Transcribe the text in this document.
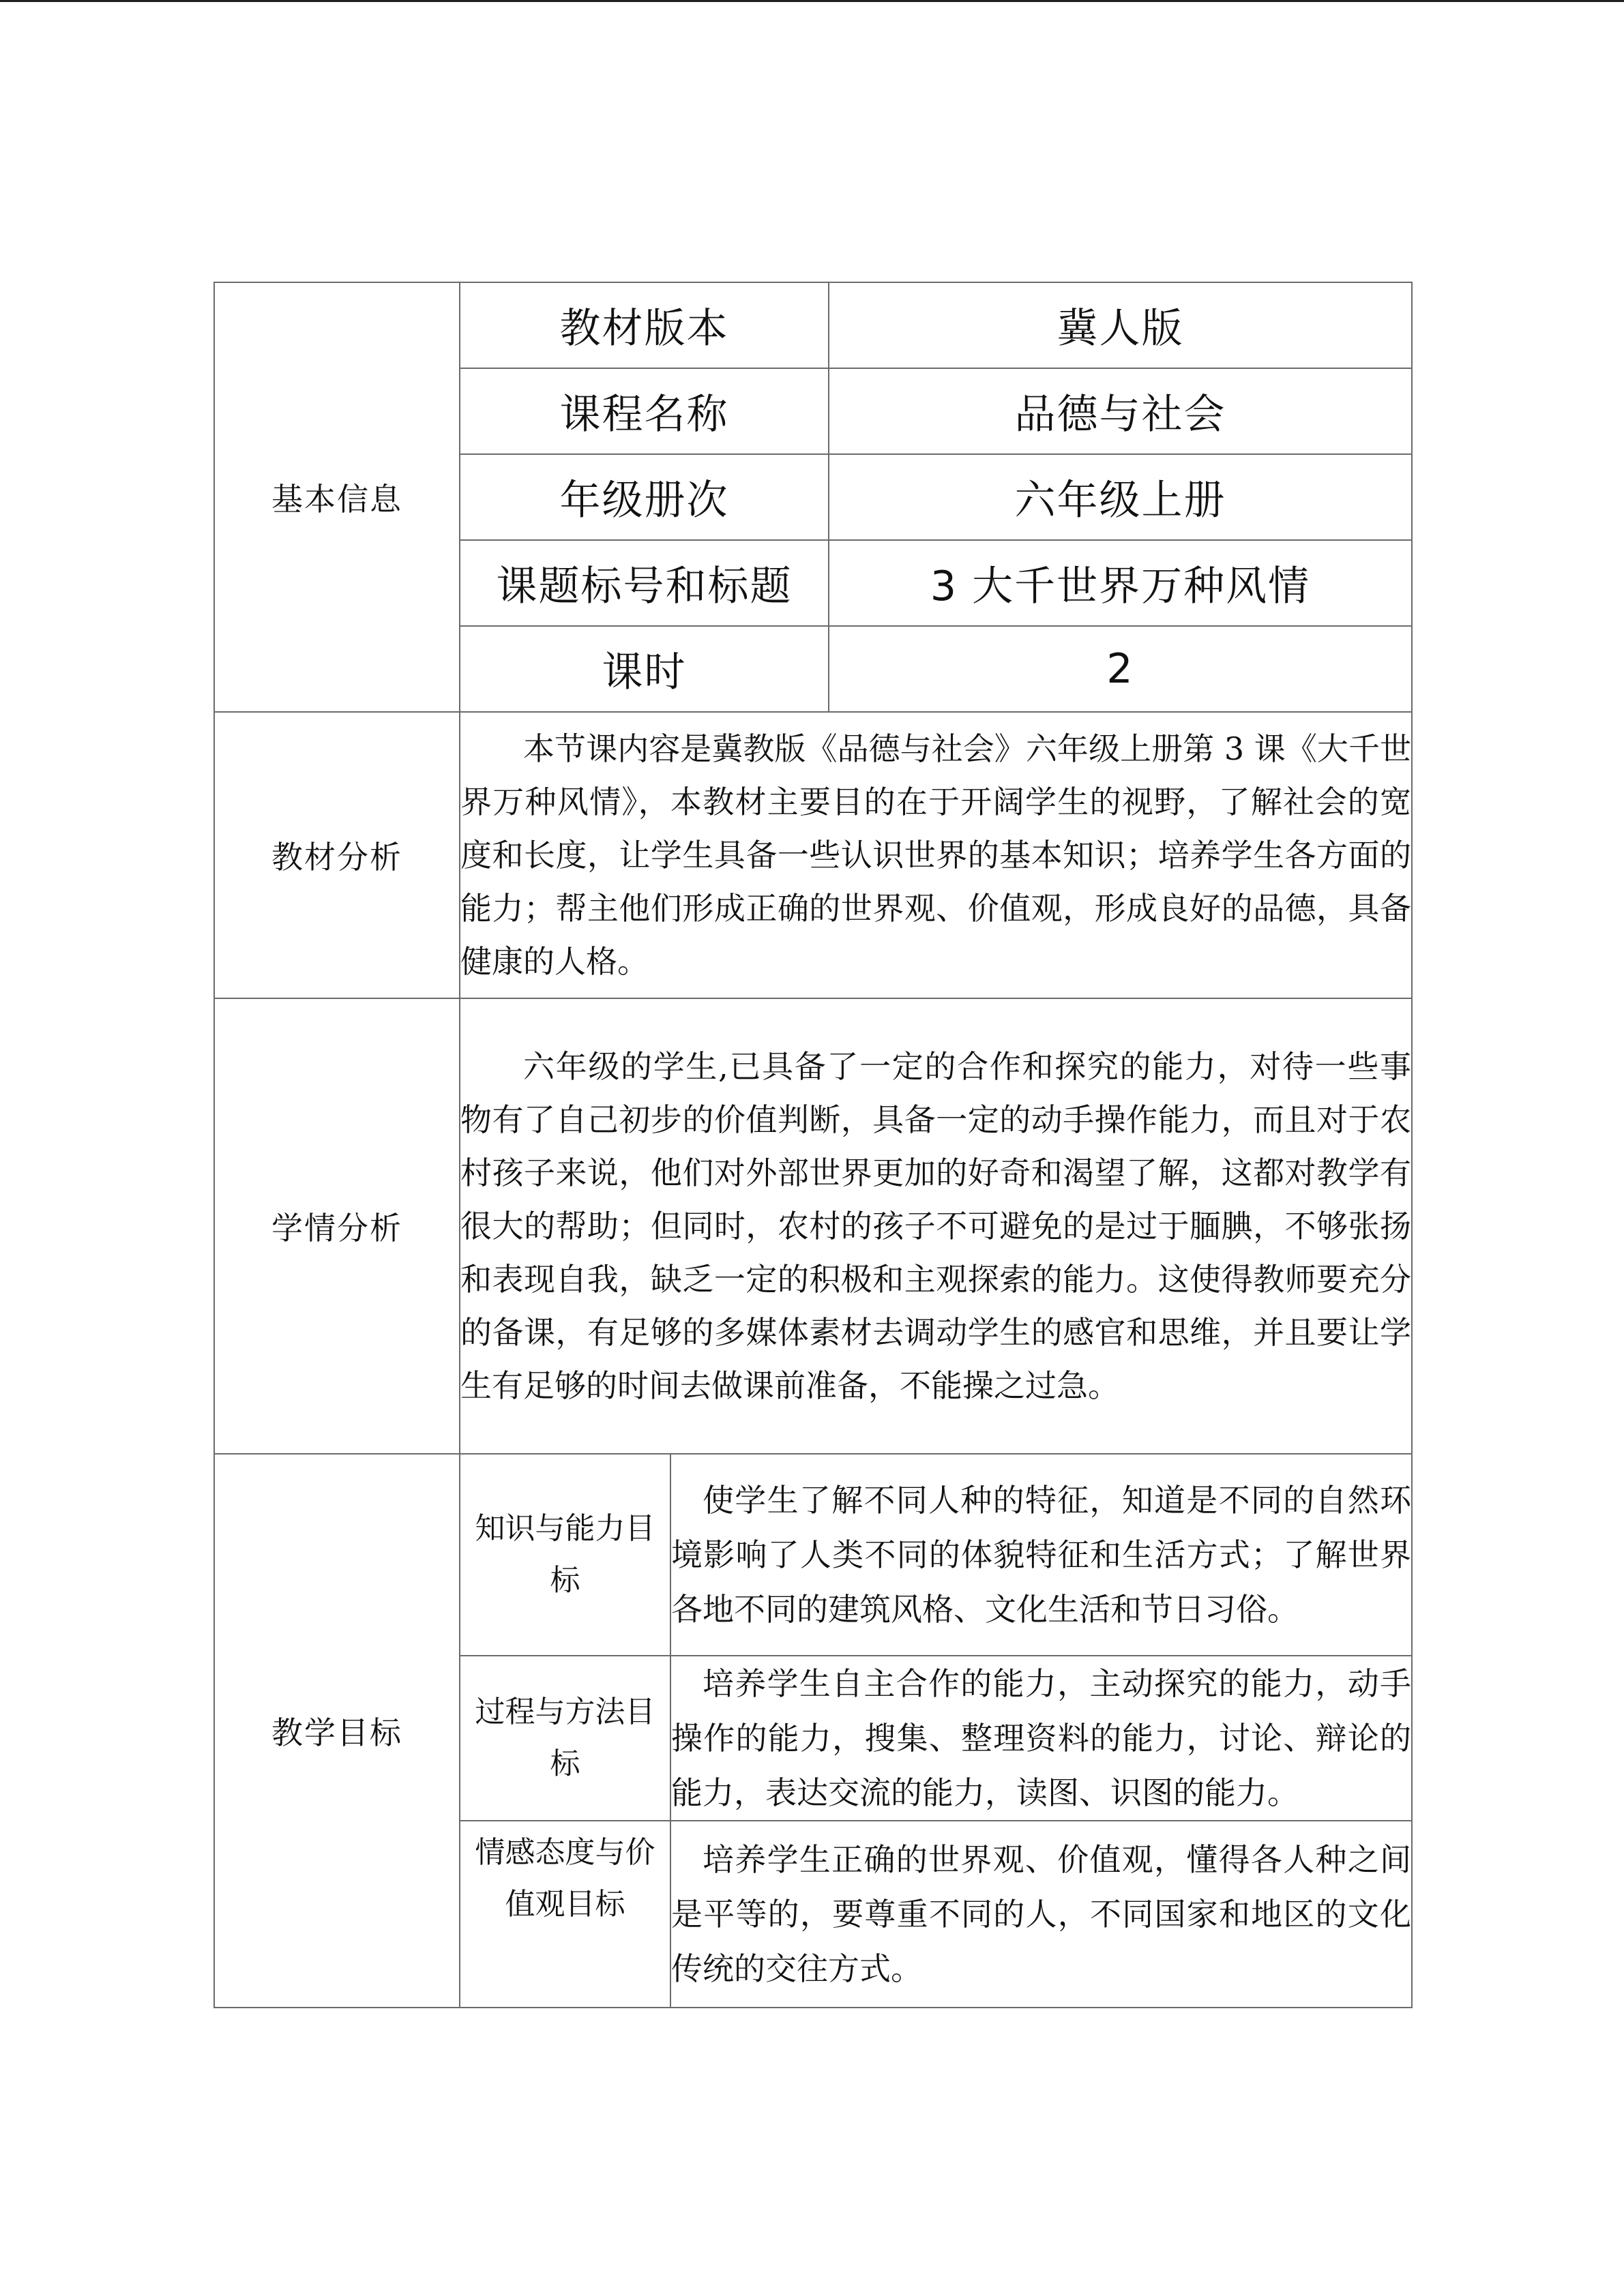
基本信息	教材版本		冀人版
	课程名称		品德与社会
	年级册次		六年级上册
	课题标号和标题		3 大千世界万种风情
	课时		2
教材分析	本节课内容是冀教版《品德与社会》六年级上册第 3 课《大千世界万种风情》，本教材主要目的在于开阔学生的视野，了解社会的宽度和长度，让学生具备一些认识世界的基本知识；培养学生各方面的能力；帮主他们形成正确的世界观、价值观，形成良好的品德，具备健康的人格。		
学情分析	六年级的学生,已具备了一定的合作和探究的能力，对待一些事物有了自己初步的价值判断，具备一定的动手操作能力，而且对于农村孩子来说，他们对外部世界更加的好奇和渴望了解，这都对教学有很大的帮助；但同时，农村的孩子不可避免的是过于腼腆，不够张扬和表现自我，缺乏一定的积极和主观探索的能力。这使得教师要充分的备课，有足够的多媒体素材去调动学生的感官和思维，并且要让学生有足够的时间去做课前准备，不能操之过急。		
教学目标	知识与能力目标	使学生了解不同人种的特征，知道是不同的自然环境影响了人类不同的体貌特征和生活方式；了解世界各地不同的建筑风格、文化生活和节日习俗。	
	过程与方法目标	培养学生自主合作的能力，主动探究的能力，动手操作的能力，搜集、整理资料的能力，讨论、辩论的能力，表达交流的能力，读图、识图的能力。	
	情感态度与价值观目标	培养学生正确的世界观、价值观，懂得各人种之间是平等的，要尊重不同的人，不同国家和地区的文化传统的交往方式。	
